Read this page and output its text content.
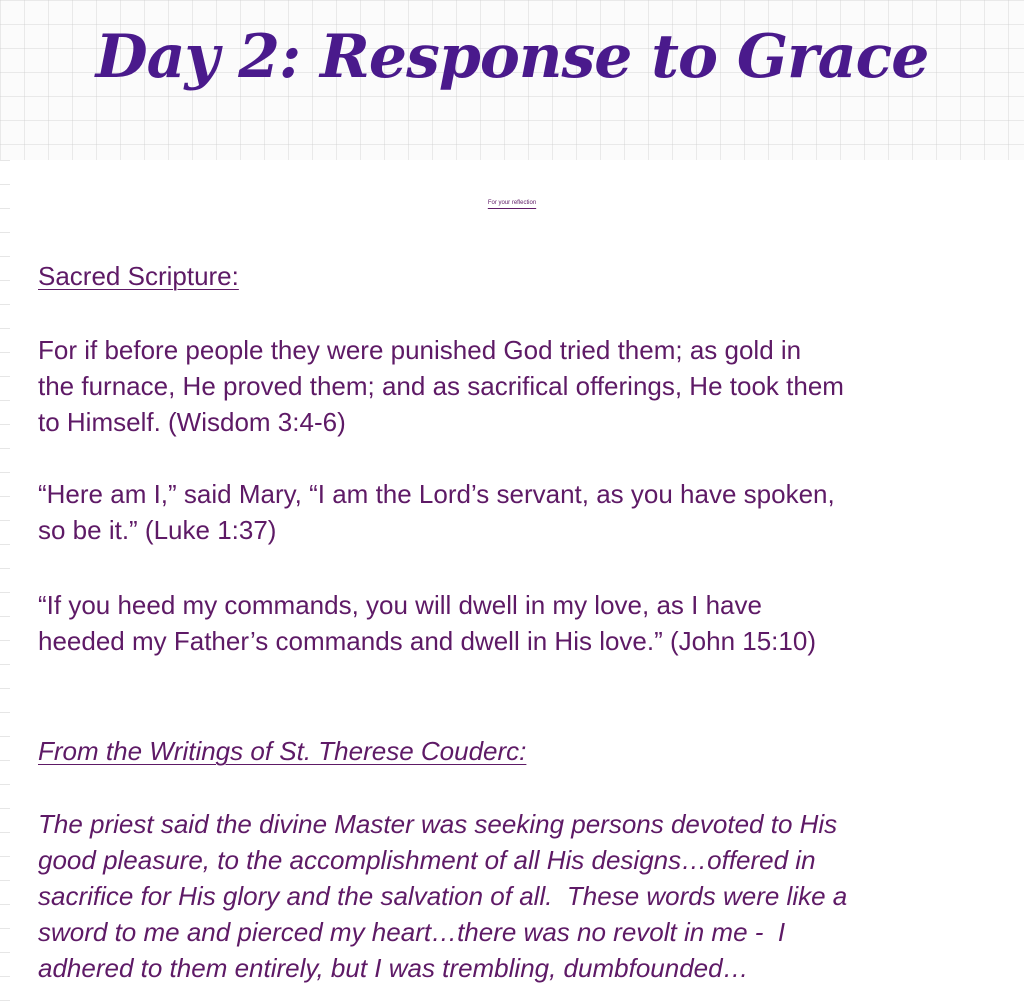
Day 2: Response to Grace
For your reflection
Sacred Scripture:
For if before people they were punished God tried them; as gold in
the furnace, He proved them; and as sacrifical offerings, He took them
to Himself. (Wisdom 3:4-6)
“Here am I,” said Mary, “I am the Lord’s servant, as you have spoken,
so be it.” (Luke 1:37)
“If you heed my commands, you will dwell in my love, as I have
heeded my Father’s commands and dwell in His love.” (John 15:10)
From the Writings of St. Therese Couderc:
The priest said the divine Master was seeking persons devoted to His
good pleasure, to the accomplishment of all His designs…offered in
sacrifice for His glory and the salvation of all.  These words were like a
sword to me and pierced my heart…there was no revolt in me -  I
adhered to them entirely, but I was trembling, dumbfounded…
